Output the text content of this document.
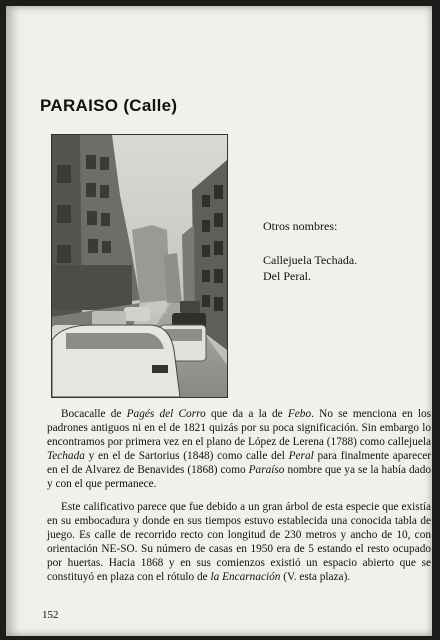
PARAISO (Calle)

Otros nombres:

Callejuela Techada.
Del Peral.

Bocacalle de Pagés del Corro que da a la de Febo. No se menciona en los padrones antiguos ni en el de 1821 quizás por su poca significación. Sin embargo lo encontramos por primera vez en el plano de López de Lerena (1788) como callejuela Techada y en el de Sartorius (1848) como calle del Peral para finalmente aparecer en el de Alvarez de Benavides (1868) como Paraíso nombre que ya se la había dado y con el que permanece.

Este calificativo parece que fue debido a un gran árbol de esta especie que existía en su embocadura y donde en sus tiempos estuvo establecida una conocida tabla de juego. Es calle de recorrido recto con longitud de 230 metros y ancho de 10, con orientación NE-SO. Su número de casas en 1950 era de 5 estando el resto ocupado por huertas. Hacia 1868 y en sus comienzos existió un espacio abierto que se constituyó en plaza con el rótulo de la Encarnación (V. esta plaza).

152
